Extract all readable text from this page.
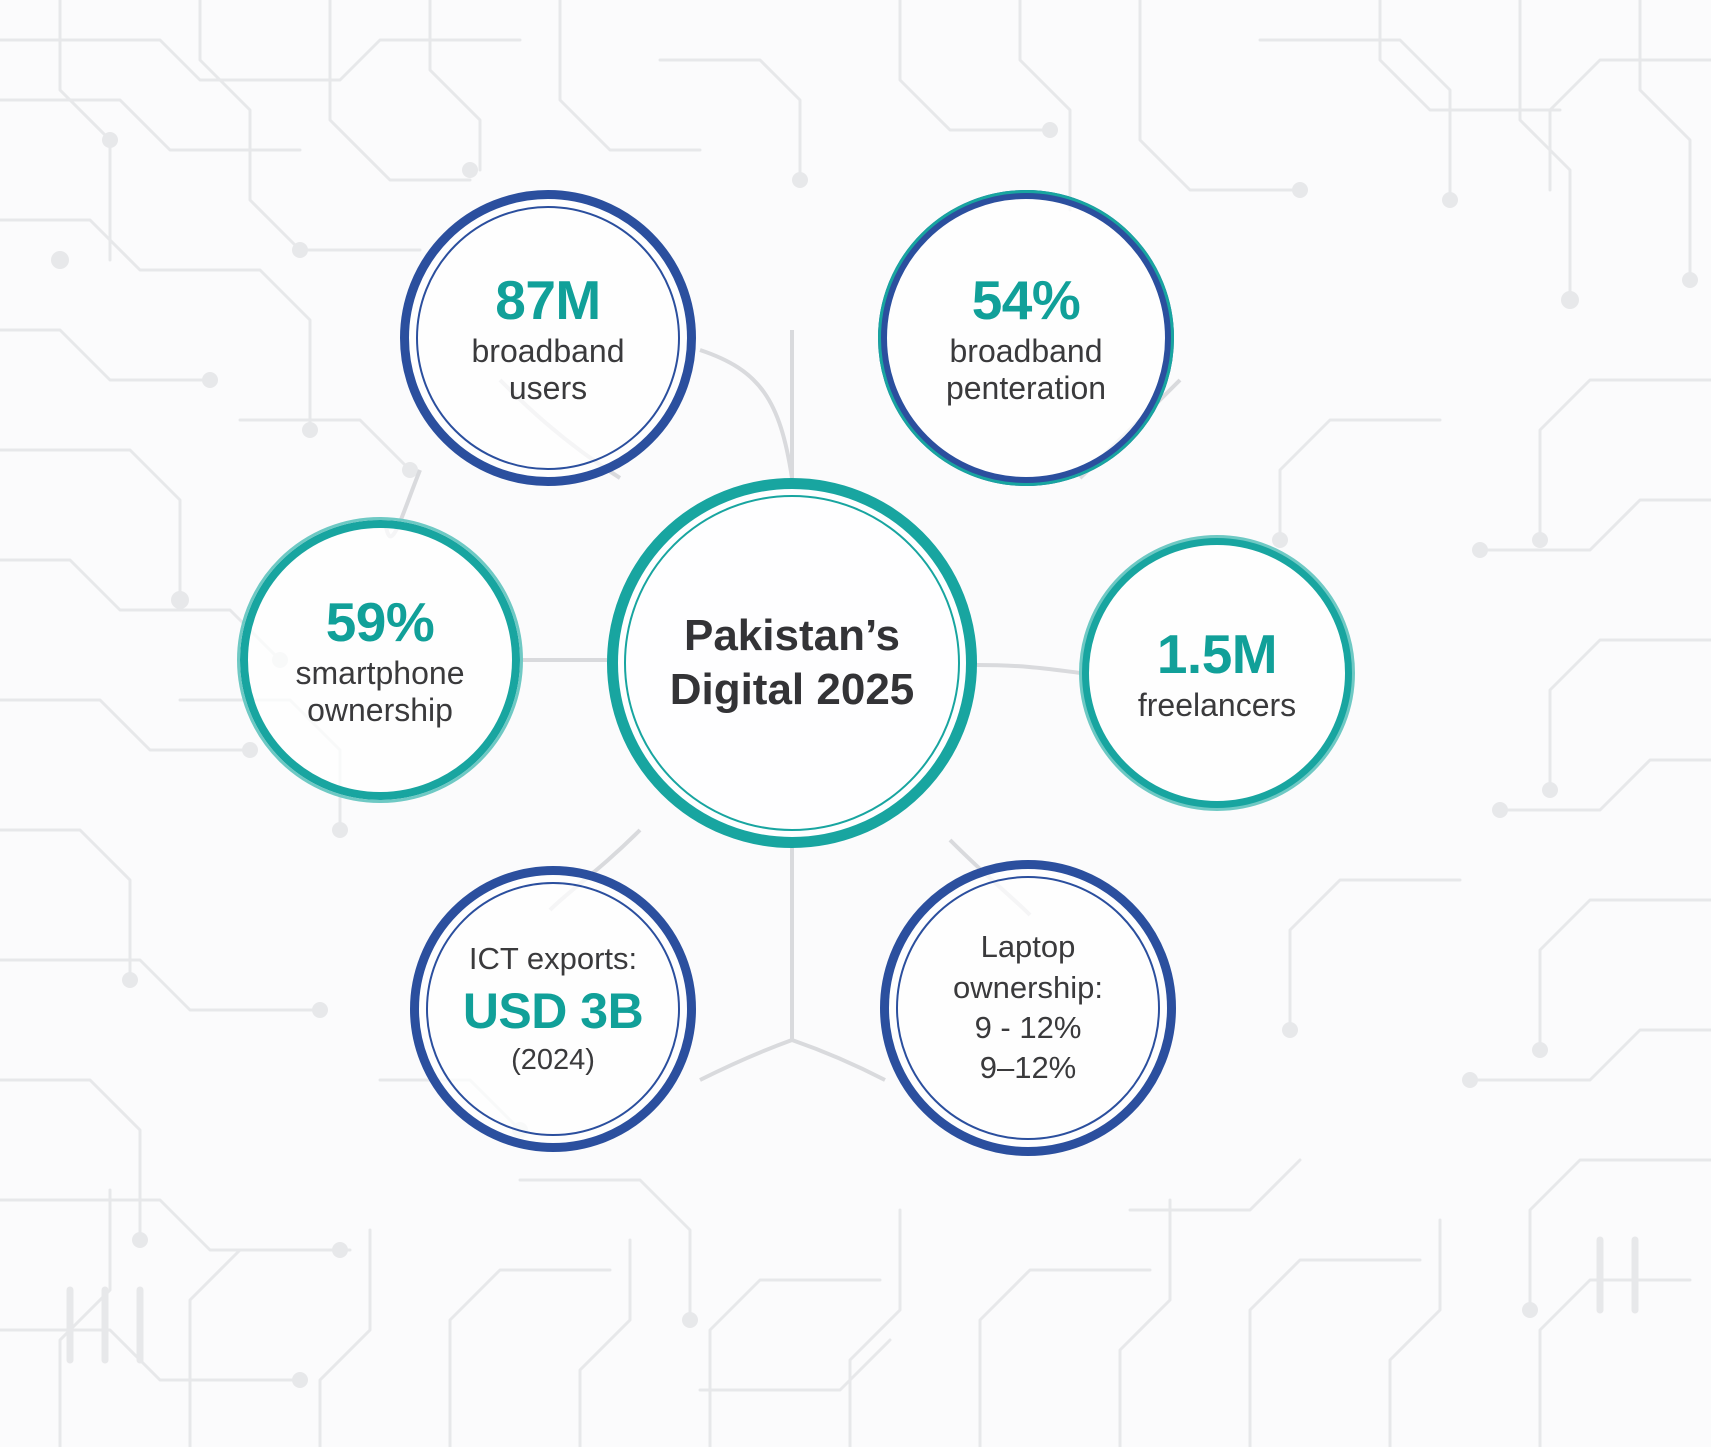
Pakistan’s Digital 2025
87M
broadband
users
54%
broadband
penteration
59%
smartphone
ownership
1.5M
freelancers
ICT exports:
USD 3B
(2024)
Laptop
ownership:
9 - 12%
9–12%
